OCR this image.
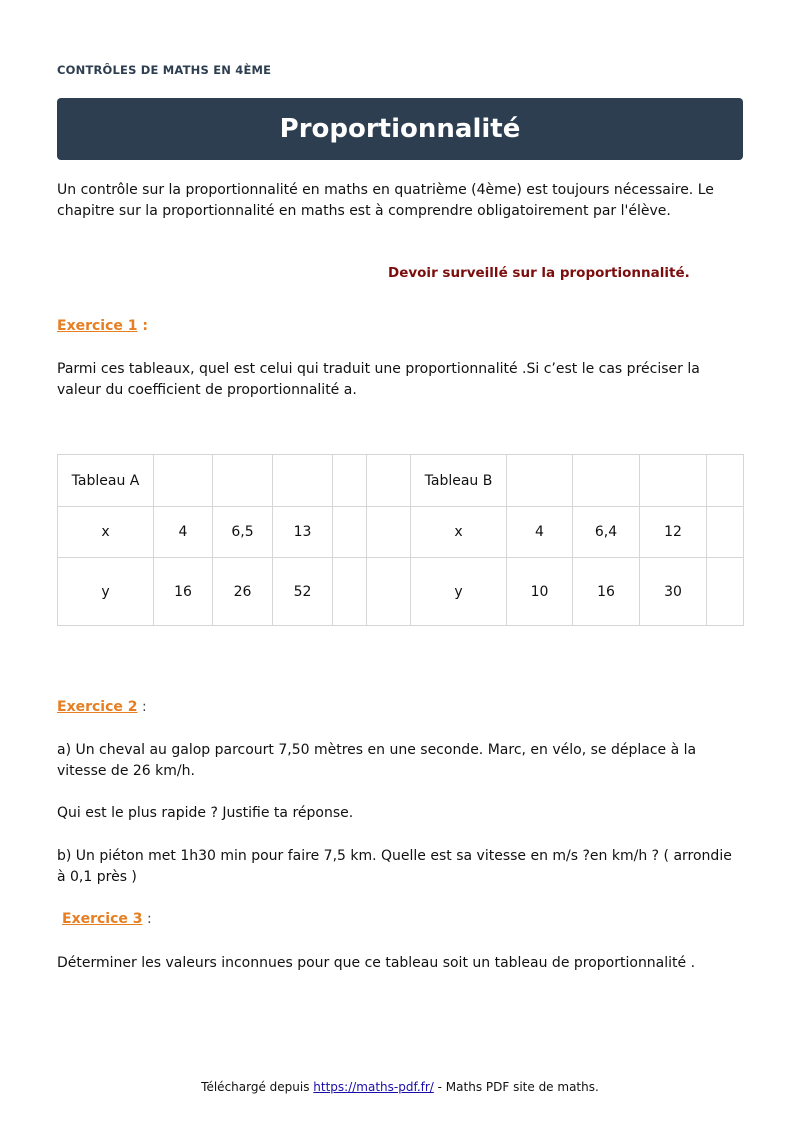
CONTRÔLES DE MATHS EN 4ÈME
Proportionnalité
Un contrôle sur la proportionnalité en maths en quatrième (4ème) est toujours nécessaire. Le
chapitre sur la proportionnalité en maths est à comprendre obligatoirement par l'élève.
Devoir surveillé sur la proportionnalité.
Exercice 1 :
Parmi ces tableaux, quel est celui qui traduit une proportionnalité .Si c’est le cas préciser la
valeur du coefficient de proportionnalité a.
Tableau A						Tableau B				
x	4	6,5	13			x	4	6,4	12	
y	16	26	52			y	10	16	30	
Exercice 2 :
a) Un cheval au galop parcourt 7,50 mètres en une seconde. Marc, en vélo, se déplace à la
vitesse de 26 km/h.
Qui est le plus rapide ? Justifie ta réponse.
b) Un piéton met 1h30 min pour faire 7,5 km. Quelle est sa vitesse en m/s ?en km/h ? ( arrondie
à 0,1 près )
Exercice 3 :
Déterminer les valeurs inconnues pour que ce tableau soit un tableau de proportionnalité .
Téléchargé depuis https://maths-pdf.fr/ - Maths PDF site de maths.
